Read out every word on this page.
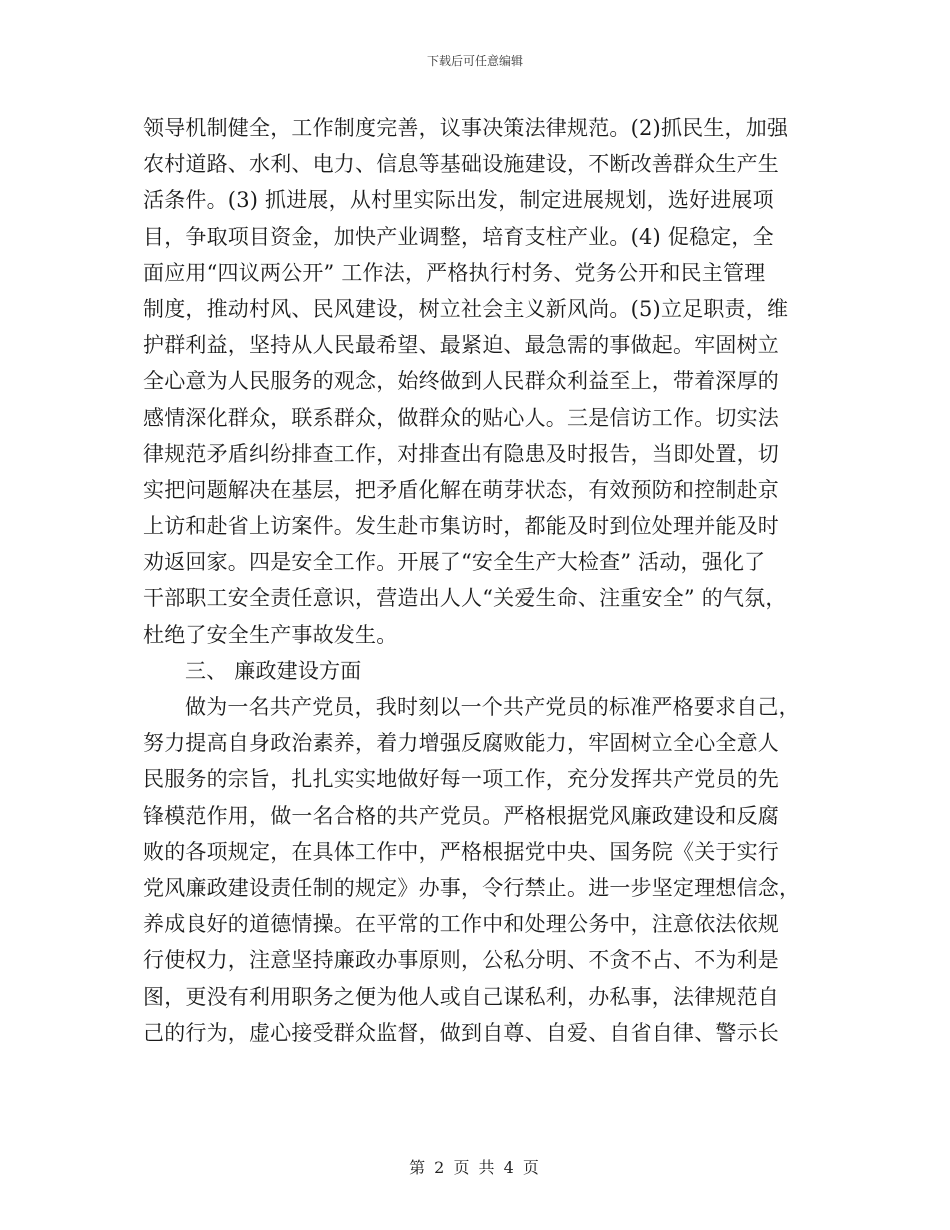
下载后可任意编辑
领导机制健全，工作制度完善，议事决策法律规范。(2)抓民生，加强
农村道路、水利、电力、信息等基础设施建设，不断改善群众生产生
活条件。(3) 抓进展，从村里实际出发，制定进展规划，选好进展项
目，争取项目资金，加快产业调整，培育支柱产业。(4) 促稳定，全
面应用“四议两公开” 工作法，严格执行村务、党务公开和民主管理
制度，推动村风、民风建设，树立社会主义新风尚。(5)立足职责，维
护群利益，坚持从人民最希望、最紧迫、最急需的事做起。牢固树立
全心意为人民服务的观念，始终做到人民群众利益至上，带着深厚的
感情深化群众，联系群众，做群众的贴心人。三是信访工作。切实法
律规范矛盾纠纷排查工作，对排查出有隐患及时报告，当即处置，切
实把问题解决在基层，把矛盾化解在萌芽状态，有效预防和控制赴京
上访和赴省上访案件。发生赴市集访时，都能及时到位处理并能及时
劝返回家。四是安全工作。开展了“安全生产大检查” 活动，强化了
干部职工安全责任意识，营造出人人“关爱生命、注重安全” 的气氛，
杜绝了安全生产事故发生。
三、 廉政建设方面
做为一名共产党员，我时刻以一个共产党员的标准严格要求自己，
努力提高自身政治素养，着力增强反腐败能力，牢固树立全心全意人
民服务的宗旨，扎扎实实地做好每一项工作，充分发挥共产党员的先
锋模范作用，做一名合格的共产党员。严格根据党风廉政建设和反腐
败的各项规定，在具体工作中，严格根据党中央、国务院《关于实行
党风廉政建设责任制的规定》办事，令行禁止。进一步坚定理想信念，
养成良好的道德情操。在平常的工作中和处理公务中，注意依法依规
行使权力，注意坚持廉政办事原则，公私分明、不贪不占、不为利是
图，更没有利用职务之便为他人或自己谋私利，办私事，法律规范自
己的行为，虚心接受群众监督，做到自尊、自爱、自省自律、警示长
第 2 页 共 4 页
